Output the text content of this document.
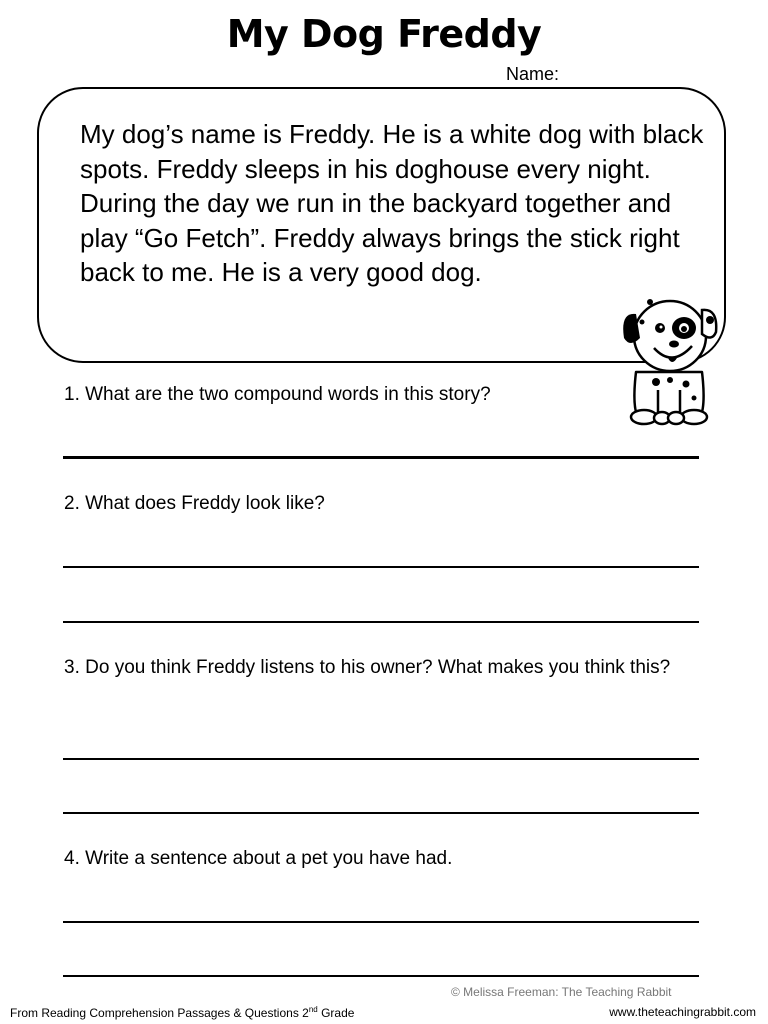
My Dog Freddy
Name:
My dog’s name is Freddy. He is a white dog with black spots. Freddy sleeps in his doghouse every night. During the day we run in the backyard together and play “Go Fetch”. Freddy always brings the stick right back to me. He is a very good dog.
1. What are the two compound words in this story?
2. What does Freddy look like?
3. Do you think Freddy listens to his owner? What makes you think this?
4. Write a sentence about a pet you have had.
© Melissa Freeman: The Teaching Rabbit
From Reading Comprehension Passages & Questions 2nd Grade	www.theteachingrabbit.com
